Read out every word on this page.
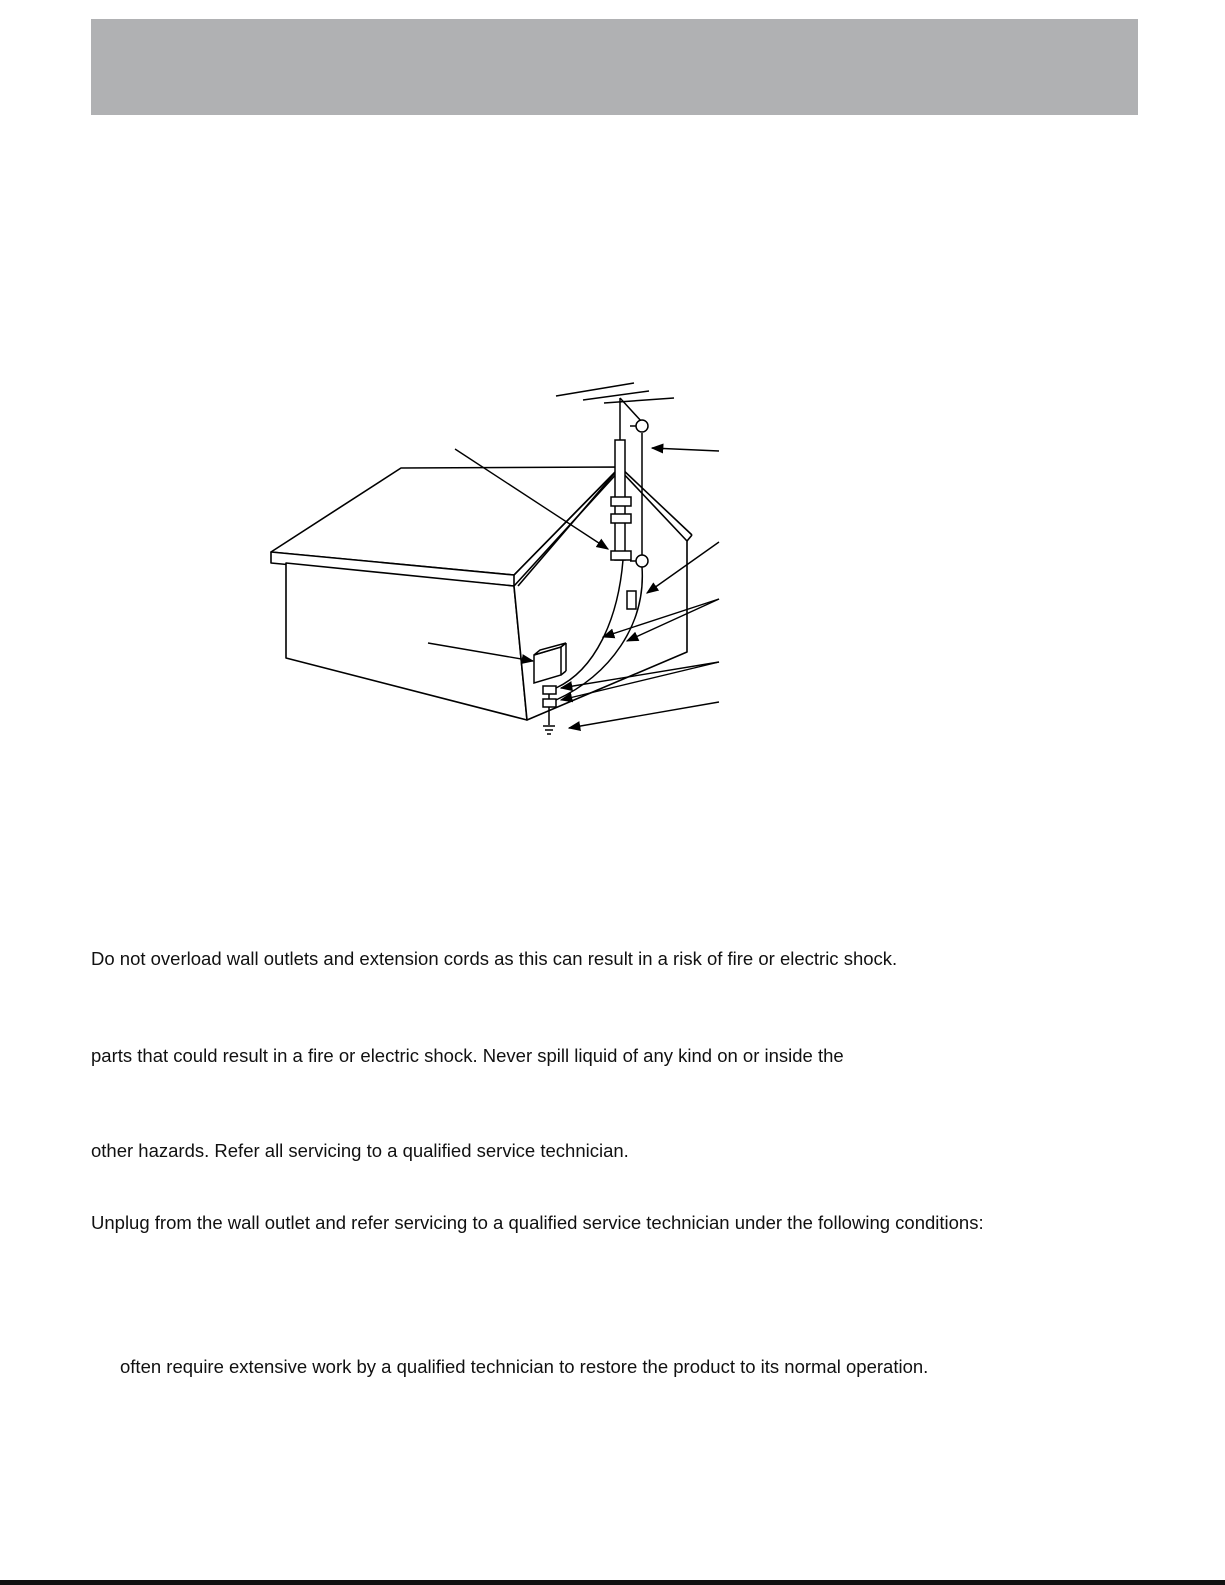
Do not overload wall outlets and extension cords as this can result in a risk of fire or electric shock.
parts that could result in a fire or electric shock. Never spill liquid of any kind on or inside the
other hazards. Refer all servicing to a qualified service technician.
Unplug from the wall outlet and refer servicing to a qualified service technician under the following conditions:
often require extensive work by a qualified technician to restore the product to its normal operation.
